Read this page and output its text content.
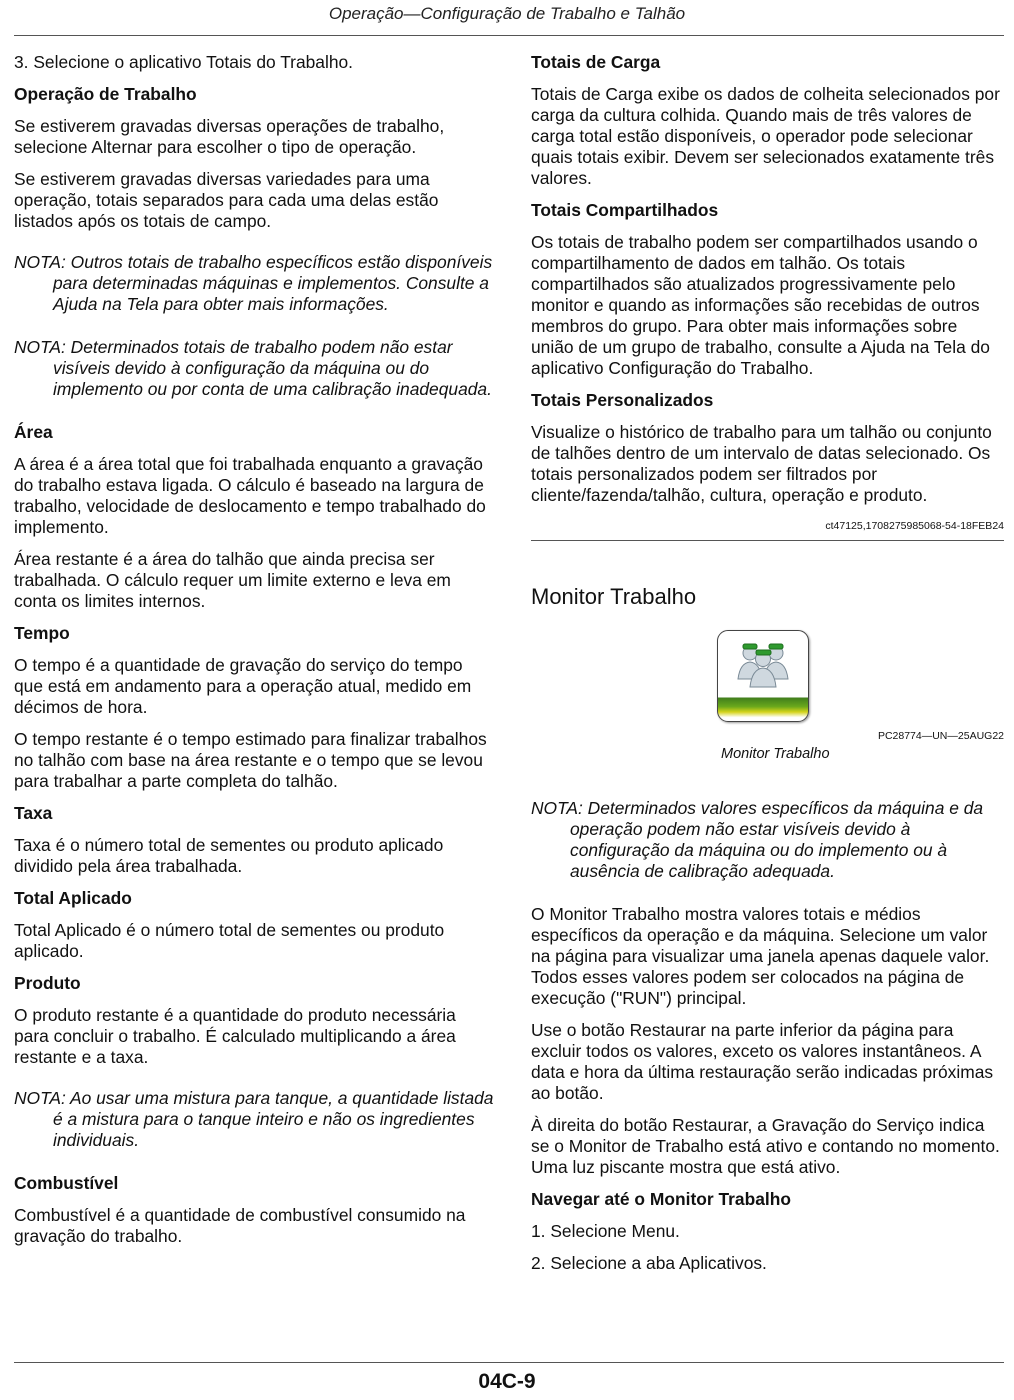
Operação—Configuração de Trabalho e Talhão

3. Selecione o aplicativo Totais do Trabalho.

Operação de Trabalho

Se estiverem gravadas diversas operações de trabalho, selecione Alternar para escolher o tipo de operação.

Se estiverem gravadas diversas variedades para uma operação, totais separados para cada uma delas estão listados após os totais de campo.

NOTA: Outros totais de trabalho específicos estão disponíveis para determinadas máquinas e implementos. Consulte a Ajuda na Tela para obter mais informações.

NOTA: Determinados totais de trabalho podem não estar visíveis devido à configuração da máquina ou do implemento ou por conta de uma calibração inadequada.

Área

A área é a área total que foi trabalhada enquanto a gravação do trabalho estava ligada. O cálculo é baseado na largura de trabalho, velocidade de deslocamento e tempo trabalhado do implemento.

Área restante é a área do talhão que ainda precisa ser trabalhada. O cálculo requer um limite externo e leva em conta os limites internos.

Tempo

O tempo é a quantidade de gravação do serviço do tempo que está em andamento para a operação atual, medido em décimos de hora.

O tempo restante é o tempo estimado para finalizar trabalhos no talhão com base na área restante e o tempo que se levou para trabalhar a parte completa do talhão.

Taxa

Taxa é o número total de sementes ou produto aplicado dividido pela área trabalhada.

Total Aplicado

Total Aplicado é o número total de sementes ou produto aplicado.

Produto

O produto restante é a quantidade do produto necessária para concluir o trabalho. É calculado multiplicando a área restante e a taxa.

NOTA: Ao usar uma mistura para tanque, a quantidade listada é a mistura para o tanque inteiro e não os ingredientes individuais.

Combustível

Combustível é a quantidade de combustível consumido na gravação do trabalho.

Totais de Carga

Totais de Carga exibe os dados de colheita selecionados por carga da cultura colhida. Quando mais de três valores de carga total estão disponíveis, o operador pode selecionar quais totais exibir. Devem ser selecionados exatamente três valores.

Totais Compartilhados

Os totais de trabalho podem ser compartilhados usando o compartilhamento de dados em talhão. Os totais compartilhados são atualizados progressivamente pelo monitor e quando as informações são recebidas de outros membros do grupo. Para obter mais informações sobre união de um grupo de trabalho, consulte a Ajuda na Tela do aplicativo Configuração do Trabalho.

Totais Personalizados

Visualize o histórico de trabalho para um talhão ou conjunto de talhões dentro de um intervalo de datas selecionado. Os totais personalizados podem ser filtrados por cliente/fazenda/talhão, cultura, operação e produto.

ct47125,1708275985068-54-18FEB24

Monitor Trabalho
PC28774—UN—25AUG22
Monitor Trabalho

NOTA: Determinados valores específicos da máquina e da operação podem não estar visíveis devido à configuração da máquina ou do implemento ou à ausência de calibração adequada.

O Monitor Trabalho mostra valores totais e médios específicos da operação e da máquina. Selecione um valor na página para visualizar uma janela apenas daquele valor. Todos esses valores podem ser colocados na página de execução ("RUN") principal.

Use o botão Restaurar na parte inferior da página para excluir todos os valores, exceto os valores instantâneos. A data e hora da última restauração serão indicadas próximas ao botão.

À direita do botão Restaurar, a Gravação do Serviço indica se o Monitor de Trabalho está ativo e contando no momento. Uma luz piscante mostra que está ativo.

Navegar até o Monitor Trabalho

1. Selecione Menu.

2. Selecione a aba Aplicativos.

04C-9
